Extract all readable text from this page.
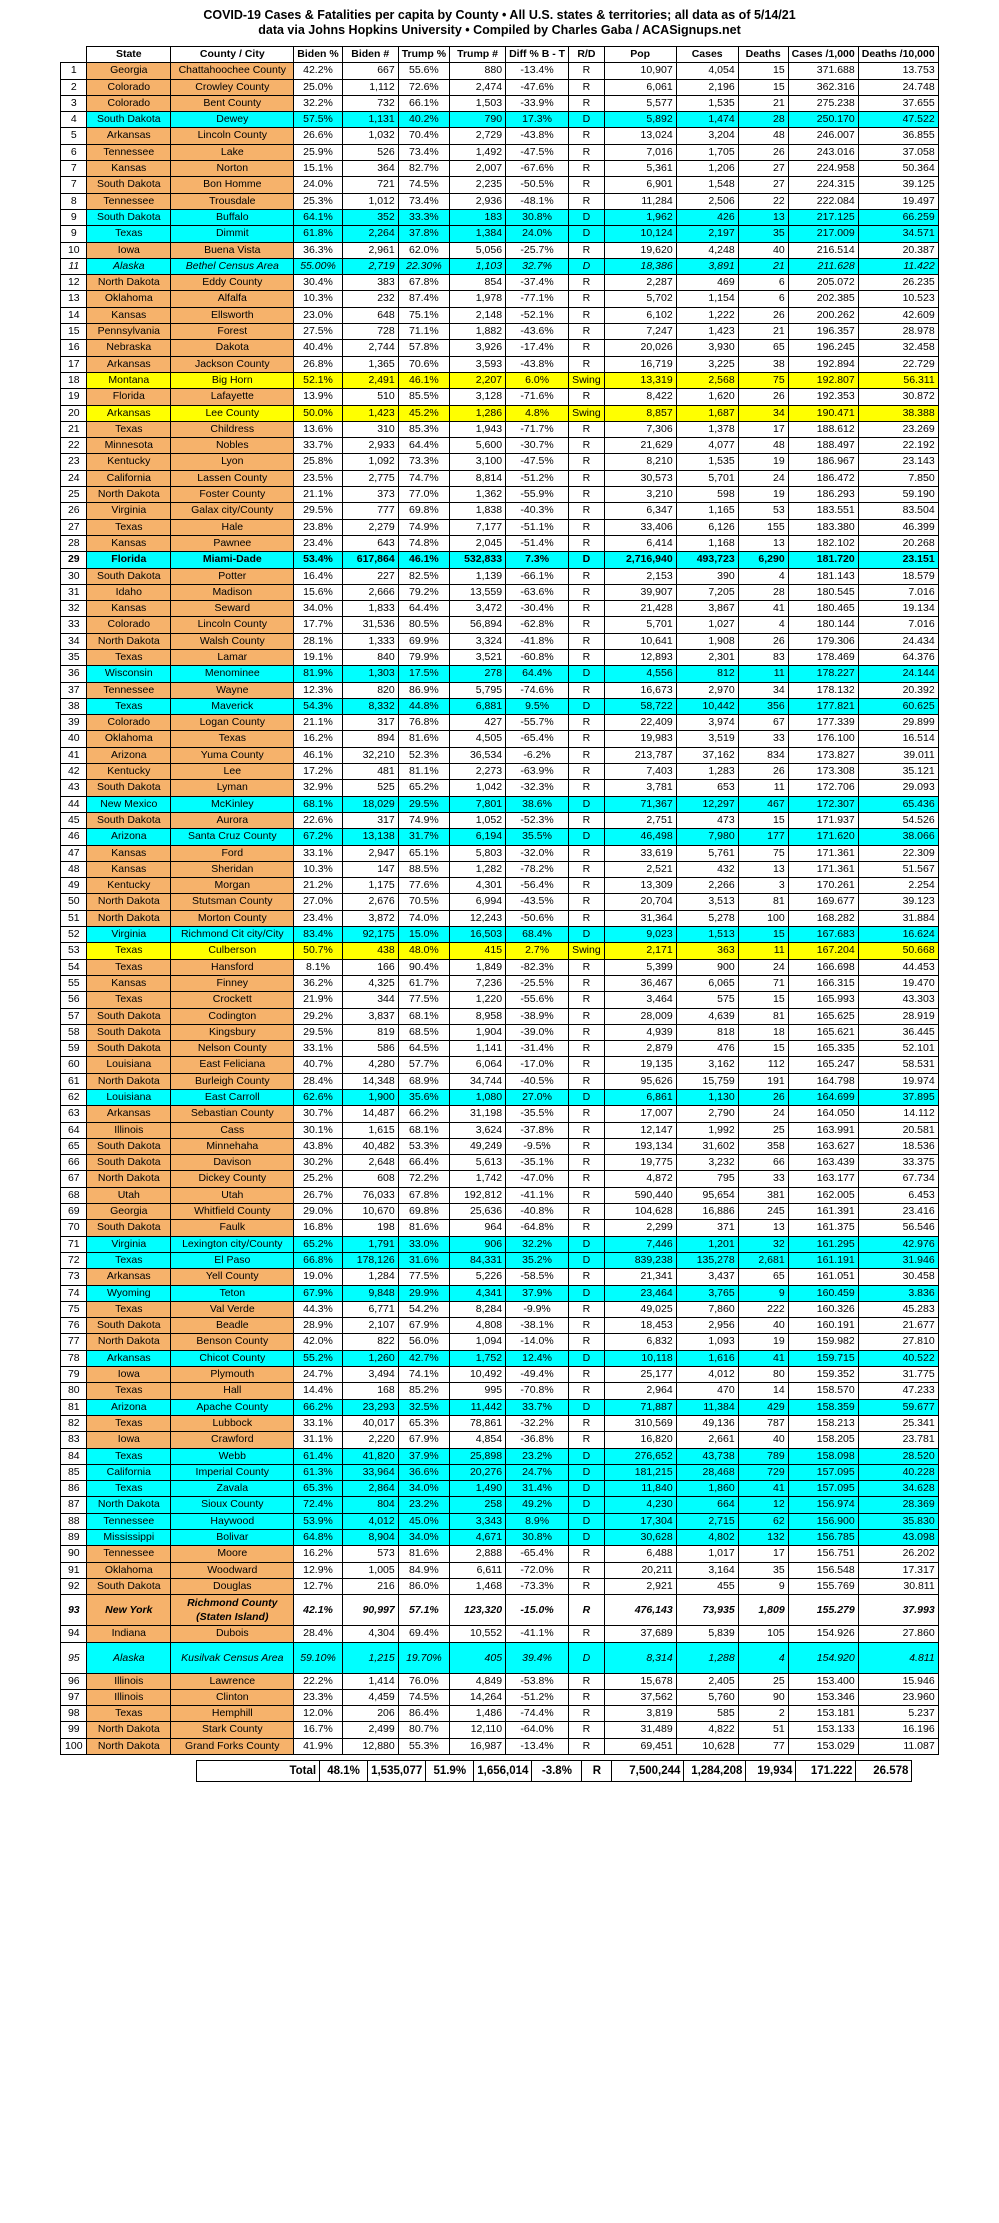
COVID-19 Cases & Fatalities per capita by County • All U.S. states & territories; all data as of 5/14/21
data via Johns Hopkins University • Compiled by Charles Gaba / ACASignups.net
	State	County / City	Biden %	Biden #	Trump %	Trump #	Diff % B - T	R/D	Pop	Cases	Deaths	Cases /1,000	Deaths /10,000
1	Georgia	Chattahoochee County	42.2%	667	55.6%	880	-13.4%	R	10,907	4,054	15	371.688	13.753
2	Colorado	Crowley County	25.0%	1,112	72.6%	2,474	-47.6%	R	6,061	2,196	15	362.316	24.748
3	Colorado	Bent County	32.2%	732	66.1%	1,503	-33.9%	R	5,577	1,535	21	275.238	37.655
4	South Dakota	Dewey	57.5%	1,131	40.2%	790	17.3%	D	5,892	1,474	28	250.170	47.522
5	Arkansas	Lincoln County	26.6%	1,032	70.4%	2,729	-43.8%	R	13,024	3,204	48	246.007	36.855
6	Tennessee	Lake	25.9%	526	73.4%	1,492	-47.5%	R	7,016	1,705	26	243.016	37.058
7	Kansas	Norton	15.1%	364	82.7%	2,007	-67.6%	R	5,361	1,206	27	224.958	50.364
7	South Dakota	Bon Homme	24.0%	721	74.5%	2,235	-50.5%	R	6,901	1,548	27	224.315	39.125
8	Tennessee	Trousdale	25.3%	1,012	73.4%	2,936	-48.1%	R	11,284	2,506	22	222.084	19.497
9	South Dakota	Buffalo	64.1%	352	33.3%	183	30.8%	D	1,962	426	13	217.125	66.259
9	Texas	Dimmit	61.8%	2,264	37.8%	1,384	24.0%	D	10,124	2,197	35	217.009	34.571
10	Iowa	Buena Vista	36.3%	2,961	62.0%	5,056	-25.7%	R	19,620	4,248	40	216.514	20.387
11	Alaska	Bethel Census Area	55.00%	2,719	22.30%	1,103	32.7%	D	18,386	3,891	21	211.628	11.422
12	North Dakota	Eddy County	30.4%	383	67.8%	854	-37.4%	R	2,287	469	6	205.072	26.235
13	Oklahoma	Alfalfa	10.3%	232	87.4%	1,978	-77.1%	R	5,702	1,154	6	202.385	10.523
14	Kansas	Ellsworth	23.0%	648	75.1%	2,148	-52.1%	R	6,102	1,222	26	200.262	42.609
15	Pennsylvania	Forest	27.5%	728	71.1%	1,882	-43.6%	R	7,247	1,423	21	196.357	28.978
16	Nebraska	Dakota	40.4%	2,744	57.8%	3,926	-17.4%	R	20,026	3,930	65	196.245	32.458
17	Arkansas	Jackson County	26.8%	1,365	70.6%	3,593	-43.8%	R	16,719	3,225	38	192.894	22.729
18	Montana	Big Horn	52.1%	2,491	46.1%	2,207	6.0%	Swing	13,319	2,568	75	192.807	56.311
19	Florida	Lafayette	13.9%	510	85.5%	3,128	-71.6%	R	8,422	1,620	26	192.353	30.872
20	Arkansas	Lee County	50.0%	1,423	45.2%	1,286	4.8%	Swing	8,857	1,687	34	190.471	38.388
21	Texas	Childress	13.6%	310	85.3%	1,943	-71.7%	R	7,306	1,378	17	188.612	23.269
22	Minnesota	Nobles	33.7%	2,933	64.4%	5,600	-30.7%	R	21,629	4,077	48	188.497	22.192
23	Kentucky	Lyon	25.8%	1,092	73.3%	3,100	-47.5%	R	8,210	1,535	19	186.967	23.143
24	California	Lassen County	23.5%	2,775	74.7%	8,814	-51.2%	R	30,573	5,701	24	186.472	7.850
25	North Dakota	Foster County	21.1%	373	77.0%	1,362	-55.9%	R	3,210	598	19	186.293	59.190
26	Virginia	Galax city/County	29.5%	777	69.8%	1,838	-40.3%	R	6,347	1,165	53	183.551	83.504
27	Texas	Hale	23.8%	2,279	74.9%	7,177	-51.1%	R	33,406	6,126	155	183.380	46.399
28	Kansas	Pawnee	23.4%	643	74.8%	2,045	-51.4%	R	6,414	1,168	13	182.102	20.268
29	Florida	Miami-Dade	53.4%	617,864	46.1%	532,833	7.3%	D	2,716,940	493,723	6,290	181.720	23.151
30	South Dakota	Potter	16.4%	227	82.5%	1,139	-66.1%	R	2,153	390	4	181.143	18.579
31	Idaho	Madison	15.6%	2,666	79.2%	13,559	-63.6%	R	39,907	7,205	28	180.545	7.016
32	Kansas	Seward	34.0%	1,833	64.4%	3,472	-30.4%	R	21,428	3,867	41	180.465	19.134
33	Colorado	Lincoln County	17.7%	31,536	80.5%	56,894	-62.8%	R	5,701	1,027	4	180.144	7.016
34	North Dakota	Walsh County	28.1%	1,333	69.9%	3,324	-41.8%	R	10,641	1,908	26	179.306	24.434
35	Texas	Lamar	19.1%	840	79.9%	3,521	-60.8%	R	12,893	2,301	83	178.469	64.376
36	Wisconsin	Menominee	81.9%	1,303	17.5%	278	64.4%	D	4,556	812	11	178.227	24.144
37	Tennessee	Wayne	12.3%	820	86.9%	5,795	-74.6%	R	16,673	2,970	34	178.132	20.392
38	Texas	Maverick	54.3%	8,332	44.8%	6,881	9.5%	D	58,722	10,442	356	177.821	60.625
39	Colorado	Logan County	21.1%	317	76.8%	427	-55.7%	R	22,409	3,974	67	177.339	29.899
40	Oklahoma	Texas	16.2%	894	81.6%	4,505	-65.4%	R	19,983	3,519	33	176.100	16.514
41	Arizona	Yuma County	46.1%	32,210	52.3%	36,534	-6.2%	R	213,787	37,162	834	173.827	39.011
42	Kentucky	Lee	17.2%	481	81.1%	2,273	-63.9%	R	7,403	1,283	26	173.308	35.121
43	South Dakota	Lyman	32.9%	525	65.2%	1,042	-32.3%	R	3,781	653	11	172.706	29.093
44	New Mexico	McKinley	68.1%	18,029	29.5%	7,801	38.6%	D	71,367	12,297	467	172.307	65.436
45	South Dakota	Aurora	22.6%	317	74.9%	1,052	-52.3%	R	2,751	473	15	171.937	54.526
46	Arizona	Santa Cruz County	67.2%	13,138	31.7%	6,194	35.5%	D	46,498	7,980	177	171.620	38.066
47	Kansas	Ford	33.1%	2,947	65.1%	5,803	-32.0%	R	33,619	5,761	75	171.361	22.309
48	Kansas	Sheridan	10.3%	147	88.5%	1,282	-78.2%	R	2,521	432	13	171.361	51.567
49	Kentucky	Morgan	21.2%	1,175	77.6%	4,301	-56.4%	R	13,309	2,266	3	170.261	2.254
50	North Dakota	Stutsman County	27.0%	2,676	70.5%	6,994	-43.5%	R	20,704	3,513	81	169.677	39.123
51	North Dakota	Morton County	23.4%	3,872	74.0%	12,243	-50.6%	R	31,364	5,278	100	168.282	31.884
52	Virginia	Richmond Cit city/City	83.4%	92,175	15.0%	16,503	68.4%	D	9,023	1,513	15	167.683	16.624
53	Texas	Culberson	50.7%	438	48.0%	415	2.7%	Swing	2,171	363	11	167.204	50.668
54	Texas	Hansford	8.1%	166	90.4%	1,849	-82.3%	R	5,399	900	24	166.698	44.453
55	Kansas	Finney	36.2%	4,325	61.7%	7,236	-25.5%	R	36,467	6,065	71	166.315	19.470
56	Texas	Crockett	21.9%	344	77.5%	1,220	-55.6%	R	3,464	575	15	165.993	43.303
57	South Dakota	Codington	29.2%	3,837	68.1%	8,958	-38.9%	R	28,009	4,639	81	165.625	28.919
58	South Dakota	Kingsbury	29.5%	819	68.5%	1,904	-39.0%	R	4,939	818	18	165.621	36.445
59	South Dakota	Nelson County	33.1%	586	64.5%	1,141	-31.4%	R	2,879	476	15	165.335	52.101
60	Louisiana	East Feliciana	40.7%	4,280	57.7%	6,064	-17.0%	R	19,135	3,162	112	165.247	58.531
61	North Dakota	Burleigh County	28.4%	14,348	68.9%	34,744	-40.5%	R	95,626	15,759	191	164.798	19.974
62	Louisiana	East Carroll	62.6%	1,900	35.6%	1,080	27.0%	D	6,861	1,130	26	164.699	37.895
63	Arkansas	Sebastian County	30.7%	14,487	66.2%	31,198	-35.5%	R	17,007	2,790	24	164.050	14.112
64	Illinois	Cass	30.1%	1,615	68.1%	3,624	-37.8%	R	12,147	1,992	25	163.991	20.581
65	South Dakota	Minnehaha	43.8%	40,482	53.3%	49,249	-9.5%	R	193,134	31,602	358	163.627	18.536
66	South Dakota	Davison	30.2%	2,648	66.4%	5,613	-35.1%	R	19,775	3,232	66	163.439	33.375
67	North Dakota	Dickey County	25.2%	608	72.2%	1,742	-47.0%	R	4,872	795	33	163.177	67.734
68	Utah	Utah	26.7%	76,033	67.8%	192,812	-41.1%	R	590,440	95,654	381	162.005	6.453
69	Georgia	Whitfield County	29.0%	10,670	69.8%	25,636	-40.8%	R	104,628	16,886	245	161.391	23.416
70	South Dakota	Faulk	16.8%	198	81.6%	964	-64.8%	R	2,299	371	13	161.375	56.546
71	Virginia	Lexington city/County	65.2%	1,791	33.0%	906	32.2%	D	7,446	1,201	32	161.295	42.976
72	Texas	El Paso	66.8%	178,126	31.6%	84,331	35.2%	D	839,238	135,278	2,681	161.191	31.946
73	Arkansas	Yell County	19.0%	1,284	77.5%	5,226	-58.5%	R	21,341	3,437	65	161.051	30.458
74	Wyoming	Teton	67.9%	9,848	29.9%	4,341	37.9%	D	23,464	3,765	9	160.459	3.836
75	Texas	Val Verde	44.3%	6,771	54.2%	8,284	-9.9%	R	49,025	7,860	222	160.326	45.283
76	South Dakota	Beadle	28.9%	2,107	67.9%	4,808	-38.1%	R	18,453	2,956	40	160.191	21.677
77	North Dakota	Benson County	42.0%	822	56.0%	1,094	-14.0%	R	6,832	1,093	19	159.982	27.810
78	Arkansas	Chicot County	55.2%	1,260	42.7%	1,752	12.4%	D	10,118	1,616	41	159.715	40.522
79	Iowa	Plymouth	24.7%	3,494	74.1%	10,492	-49.4%	R	25,177	4,012	80	159.352	31.775
80	Texas	Hall	14.4%	168	85.2%	995	-70.8%	R	2,964	470	14	158.570	47.233
81	Arizona	Apache County	66.2%	23,293	32.5%	11,442	33.7%	D	71,887	11,384	429	158.359	59.677
82	Texas	Lubbock	33.1%	40,017	65.3%	78,861	-32.2%	R	310,569	49,136	787	158.213	25.341
83	Iowa	Crawford	31.1%	2,220	67.9%	4,854	-36.8%	R	16,820	2,661	40	158.205	23.781
84	Texas	Webb	61.4%	41,820	37.9%	25,898	23.2%	D	276,652	43,738	789	158.098	28.520
85	California	Imperial County	61.3%	33,964	36.6%	20,276	24.7%	D	181,215	28,468	729	157.095	40.228
86	Texas	Zavala	65.3%	2,864	34.0%	1,490	31.4%	D	11,840	1,860	41	157.095	34.628
87	North Dakota	Sioux County	72.4%	804	23.2%	258	49.2%	D	4,230	664	12	156.974	28.369
88	Tennessee	Haywood	53.9%	4,012	45.0%	3,343	8.9%	D	17,304	2,715	62	156.900	35.830
89	Mississippi	Bolivar	64.8%	8,904	34.0%	4,671	30.8%	D	30,628	4,802	132	156.785	43.098
90	Tennessee	Moore	16.2%	573	81.6%	2,888	-65.4%	R	6,488	1,017	17	156.751	26.202
91	Oklahoma	Woodward	12.9%	1,005	84.9%	6,611	-72.0%	R	20,211	3,164	35	156.548	17.317
92	South Dakota	Douglas	12.7%	216	86.0%	1,468	-73.3%	R	2,921	455	9	155.769	30.811
93	New York	Richmond County (Staten Island)	42.1%	90,997	57.1%	123,320	-15.0%	R	476,143	73,935	1,809	155.279	37.993
94	Indiana	Dubois	28.4%	4,304	69.4%	10,552	-41.1%	R	37,689	5,839	105	154.926	27.860
95	Alaska	Kusilvak Census Area	59.10%	1,215	19.70%	405	39.4%	D	8,314	1,288	4	154.920	4.811
96	Illinois	Lawrence	22.2%	1,414	76.0%	4,849	-53.8%	R	15,678	2,405	25	153.400	15.946
97	Illinois	Clinton	23.3%	4,459	74.5%	14,264	-51.2%	R	37,562	5,760	90	153.346	23.960
98	Texas	Hemphill	12.0%	206	86.4%	1,486	-74.4%	R	3,819	585	2	153.181	5.237
99	North Dakota	Stark County	16.7%	2,499	80.7%	12,110	-64.0%	R	31,489	4,822	51	153.133	16.196
100	North Dakota	Grand Forks County	41.9%	12,880	55.3%	16,987	-13.4%	R	69,451	10,628	77	153.029	11.087
		Total	48.1%	1,535,077	51.9%	1,656,014	-3.8%	R	7,500,244	1,284,208	19,934	171.222	26.578
